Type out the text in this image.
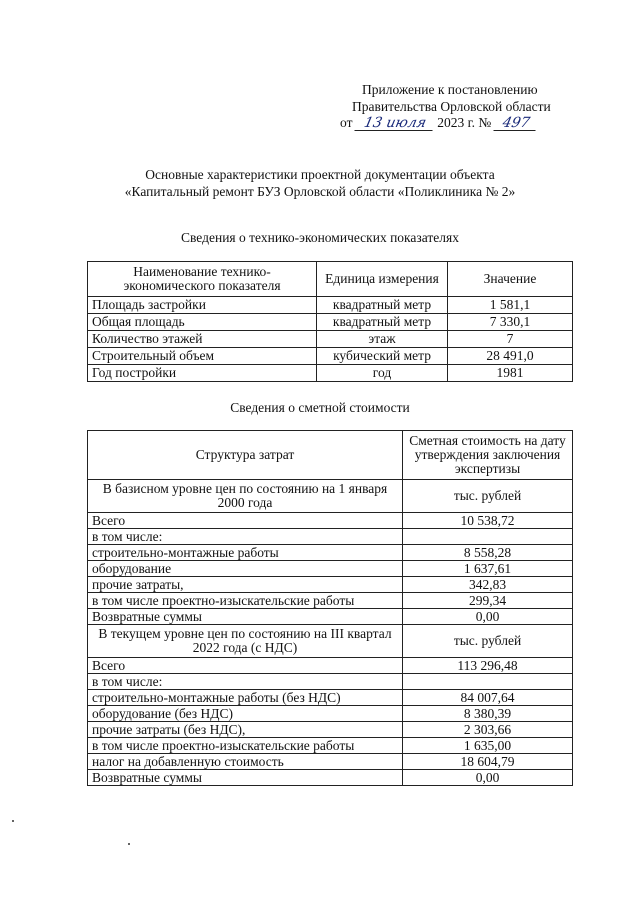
Приложение к постановлению
Правительства Орловской области
от 13 июля 2023 г. № 497
Основные характеристики проектной документации объекта
«Капитальный ремонт БУЗ Орловской области «Поликлиника № 2»
Сведения о технико-экономических показателях
Наименование технико-экономического показателя	Единица измерения	Значение
Площадь застройки	квадратный метр	1 581,1
Общая площадь	квадратный метр	7 330,1
Количество этажей	этаж	7
Строительный объем	кубический метр	28 491,0
Год постройки	год	1981
Сведения о сметной стоимости
Структура затрат	Сметная стоимость на дату утверждения заключения экспертизы
В базисном уровне цен по состоянию на 1 января 2000 года	тыс. рублей
Всего	10 538,72
в том числе:	
строительно-монтажные работы	8 558,28
оборудование	1 637,61
прочие затраты,	342,83
в том числе проектно-изыскательские работы	299,34
Возвратные суммы	0,00
В текущем уровне цен по состоянию на III квартал 2022 года (с НДС)	тыс. рублей
Всего	113 296,48
в том числе:	
строительно-монтажные работы (без НДС)	84 007,64
оборудование (без НДС)	8 380,39
прочие затраты (без НДС),	2 303,66
в том числе проектно-изыскательские работы	1 635,00
налог на добавленную стоимость	18 604,79
Возвратные суммы	0,00
